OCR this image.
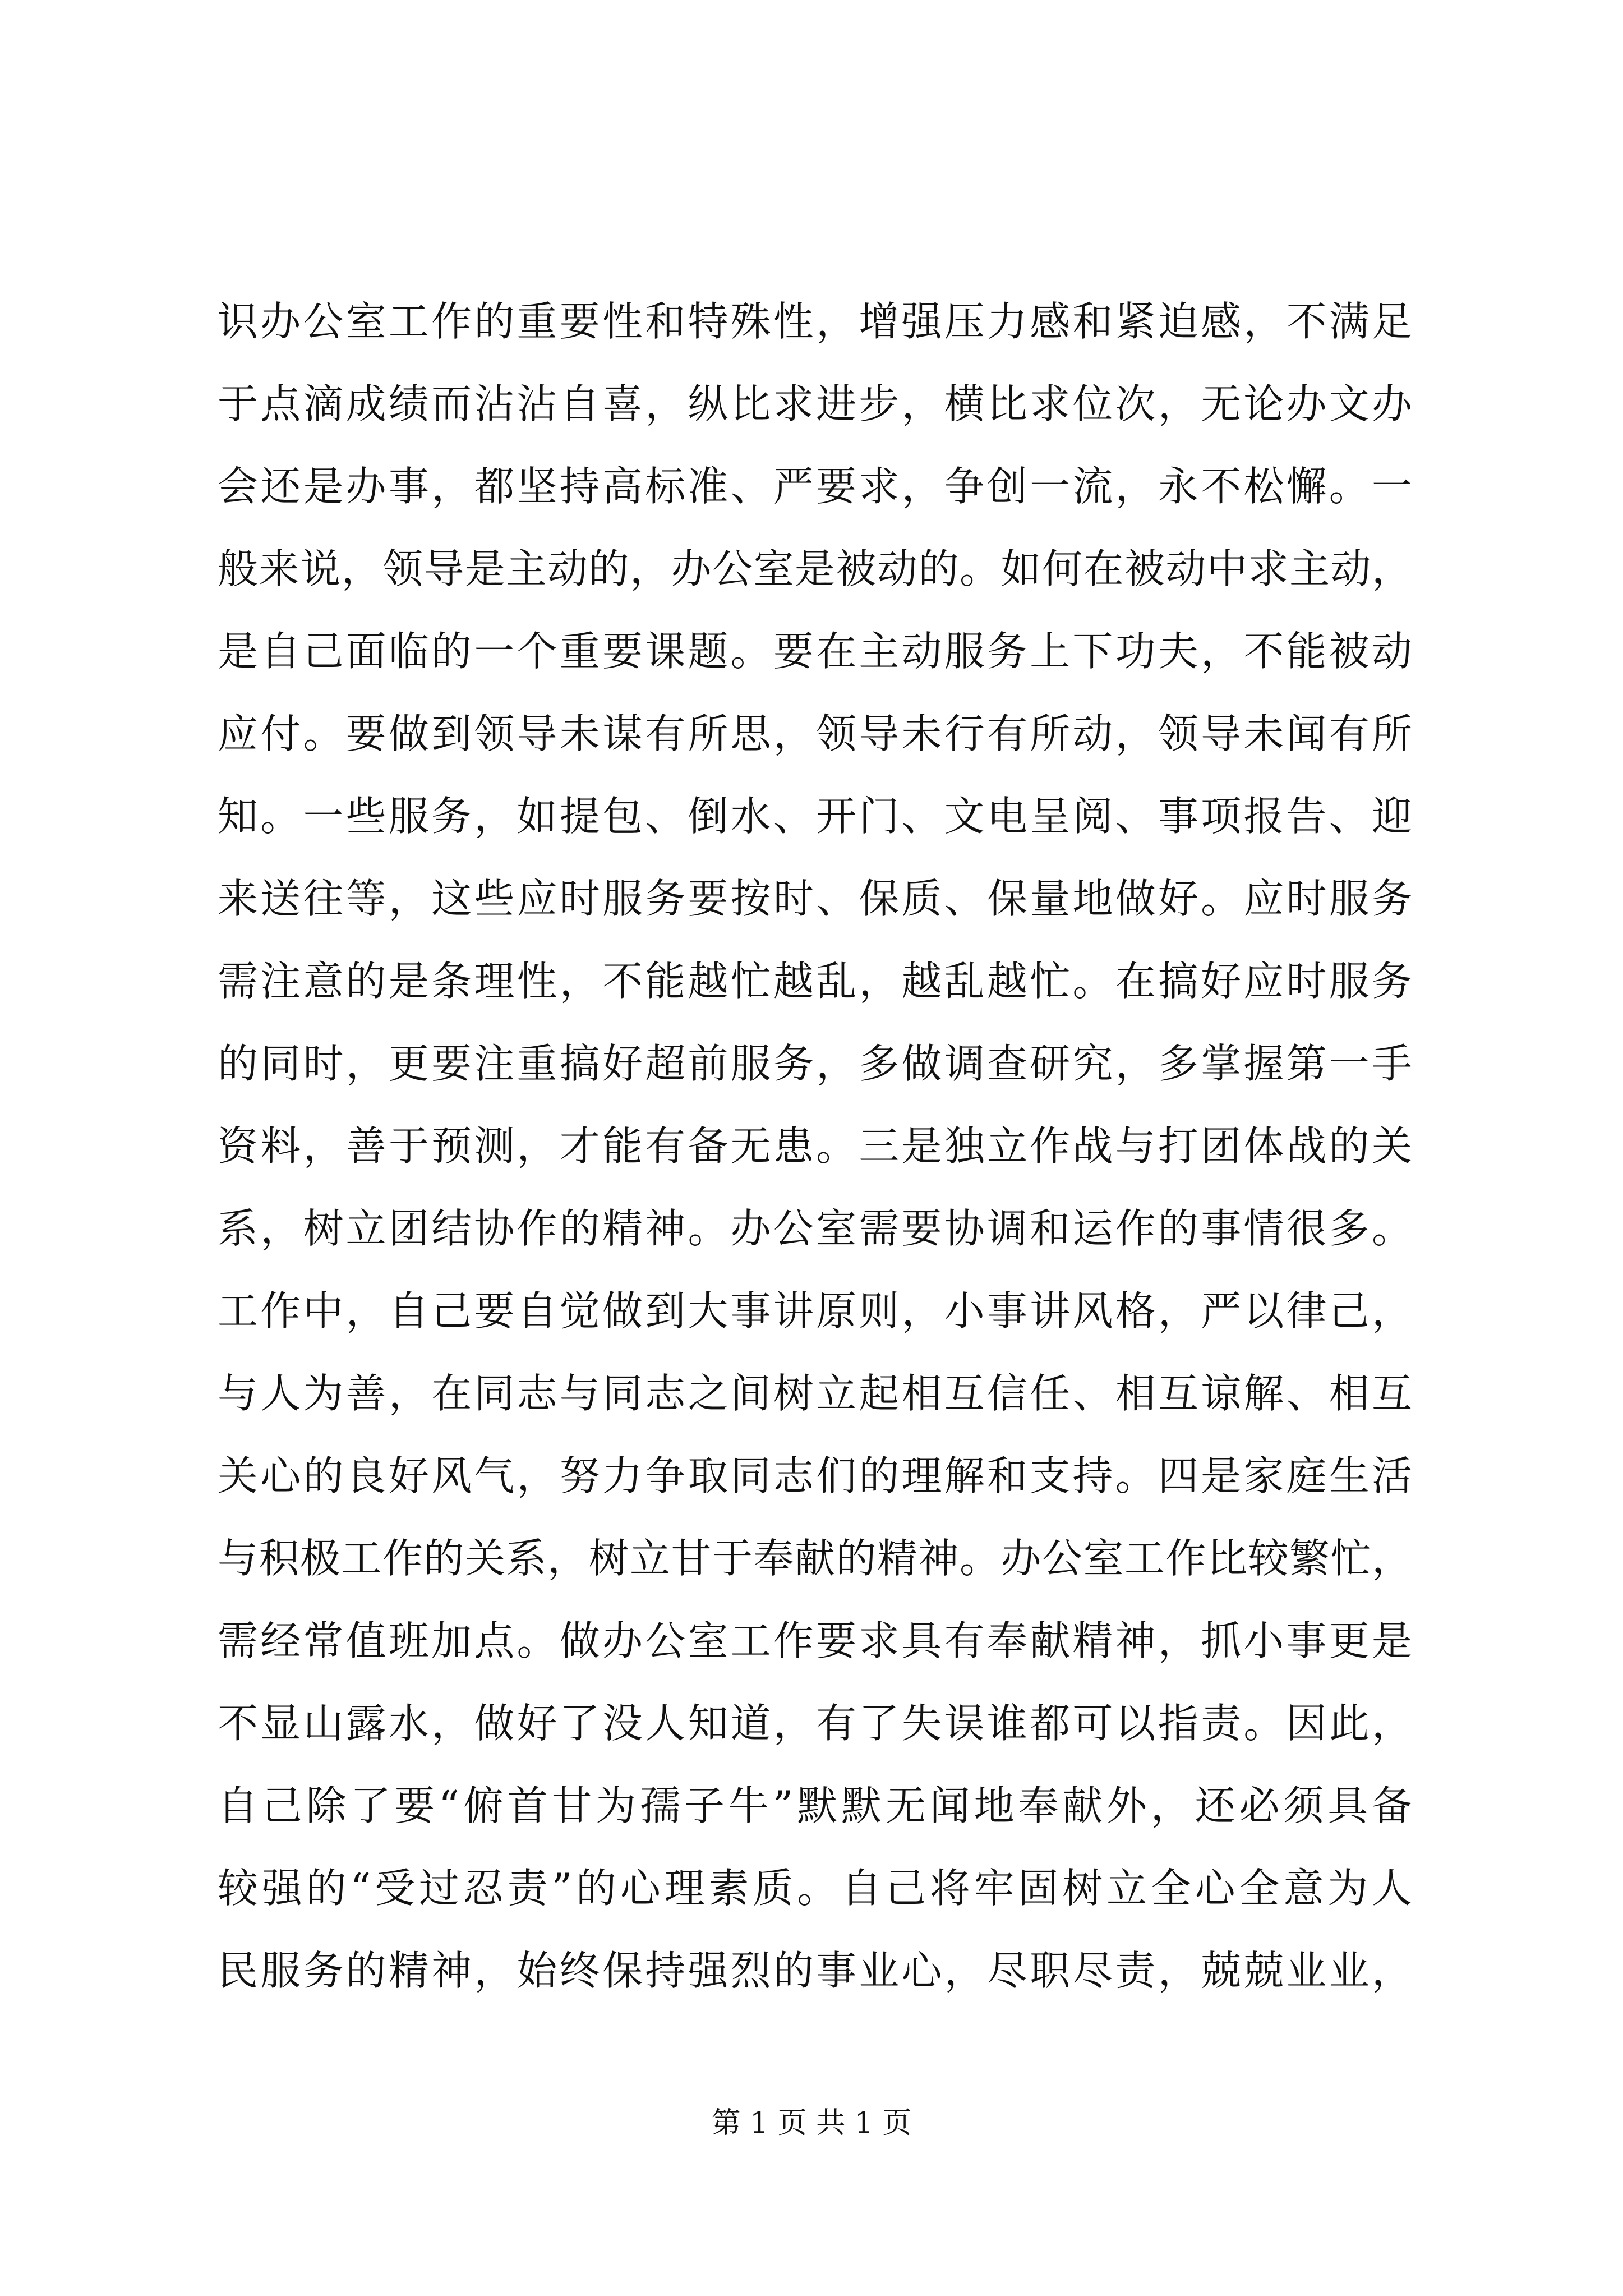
识办公室工作的重要性和特殊性，增强压力感和紧迫感，不满足
于点滴成绩而沾沾自喜，纵比求进步，横比求位次，无论办文办
会还是办事，都坚持高标准、严要求，争创一流，永不松懈。一
般来说，领导是主动的，办公室是被动的。如何在被动中求主动，
是自己面临的一个重要课题。要在主动服务上下功夫，不能被动
应付。要做到领导未谋有所思，领导未行有所动，领导未闻有所
知。一些服务，如提包、倒水、开门、文电呈阅、事项报告、迎
来送往等，这些应时服务要按时、保质、保量地做好。应时服务
需注意的是条理性，不能越忙越乱，越乱越忙。在搞好应时服务
的同时，更要注重搞好超前服务，多做调查研究，多掌握第一手
资料，善于预测，才能有备无患。三是独立作战与打团体战的关
系，树立团结协作的精神。办公室需要协调和运作的事情很多。
工作中，自己要自觉做到大事讲原则，小事讲风格，严以律己，
与人为善，在同志与同志之间树立起相互信任、相互谅解、相互
关心的良好风气，努力争取同志们的理解和支持。四是家庭生活
与积极工作的关系，树立甘于奉献的精神。办公室工作比较繁忙，
需经常值班加点。做办公室工作要求具有奉献精神，抓小事更是
不显山露水，做好了没人知道，有了失误谁都可以指责。因此，
自己除了要“俯首甘为孺子牛”默默无闻地奉献外，还必须具备
较强的“受过忍责”的心理素质。自己将牢固树立全心全意为人
民服务的精神，始终保持强烈的事业心，尽职尽责，兢兢业业，
第 1 页 共 1 页
